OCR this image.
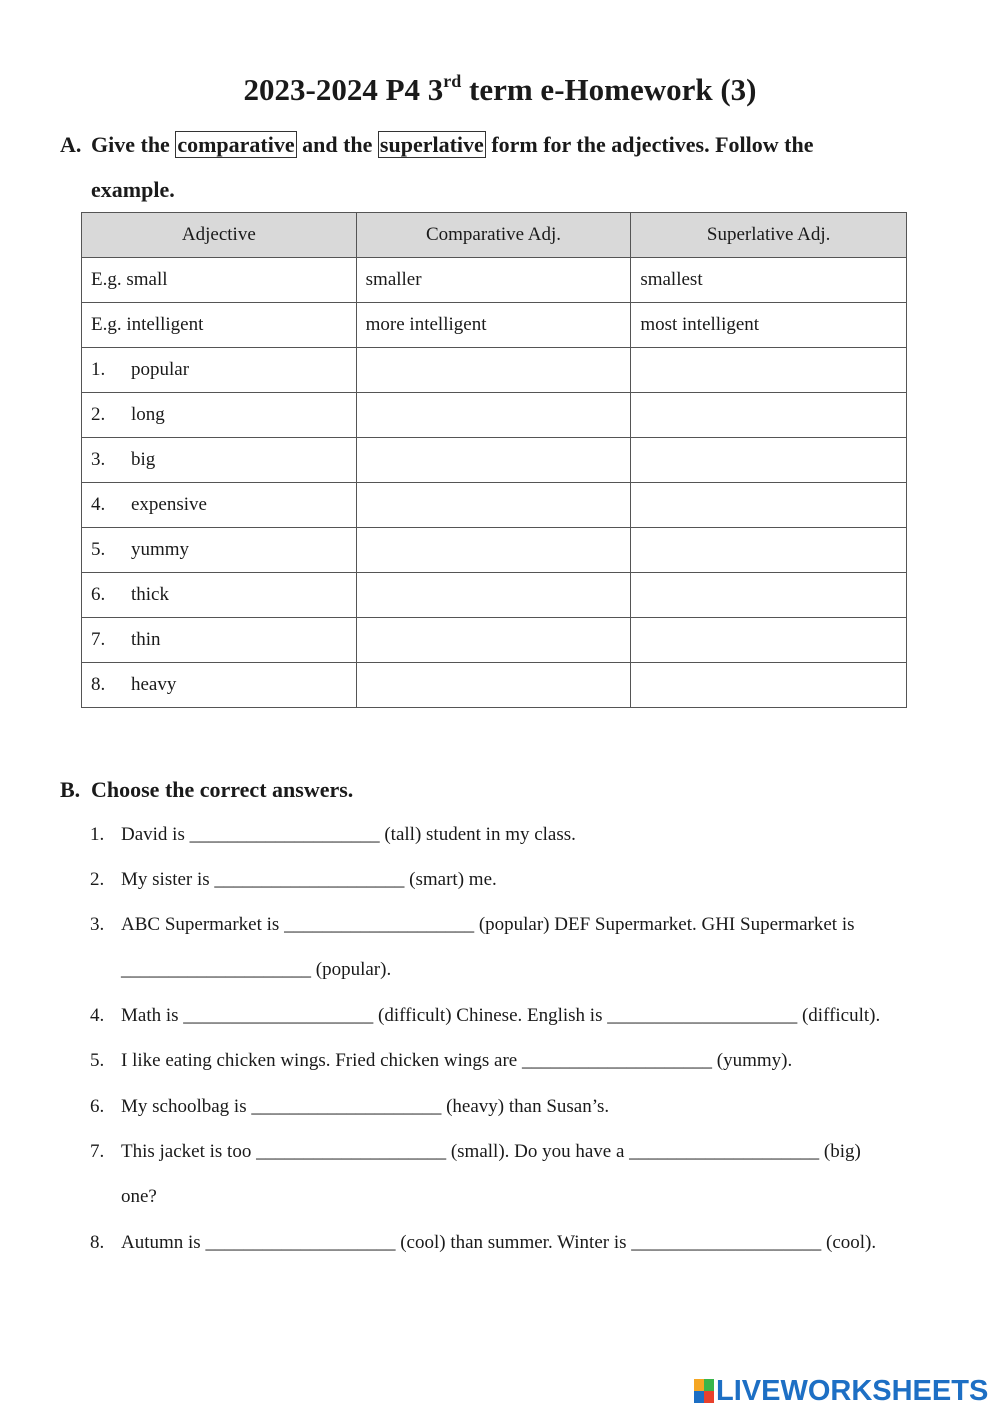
2023-2024 P4 3rd term e-Homework (3)
A. Give the comparative and the superlative form for the adjectives. Follow the
example.
Adjective	Comparative Adj.	Superlative Adj.
E.g. small	smaller	smallest
E.g. intelligent	more intelligent	most intelligent
1. popular		
2. long		
3. big		
4. expensive		
5. yummy		
6. thick		
7. thin		
8. heavy		
B. Choose the correct answers.
1. David is ____________________ (tall) student in my class.
2. My sister is ____________________ (smart) me.
3. ABC Supermarket is ____________________ (popular) DEF Supermarket. GHI Supermarket is
____________________ (popular).
4. Math is ____________________ (difficult) Chinese. English is ____________________ (difficult).
5. I like eating chicken wings. Fried chicken wings are ____________________ (yummy).
6. My schoolbag is ____________________ (heavy) than Susan’s.
7. This jacket is too ____________________ (small). Do you have a ____________________ (big)
one?
8. Autumn is ____________________ (cool) than summer. Winter is ____________________ (cool).
LIVEWORKSHEETS
